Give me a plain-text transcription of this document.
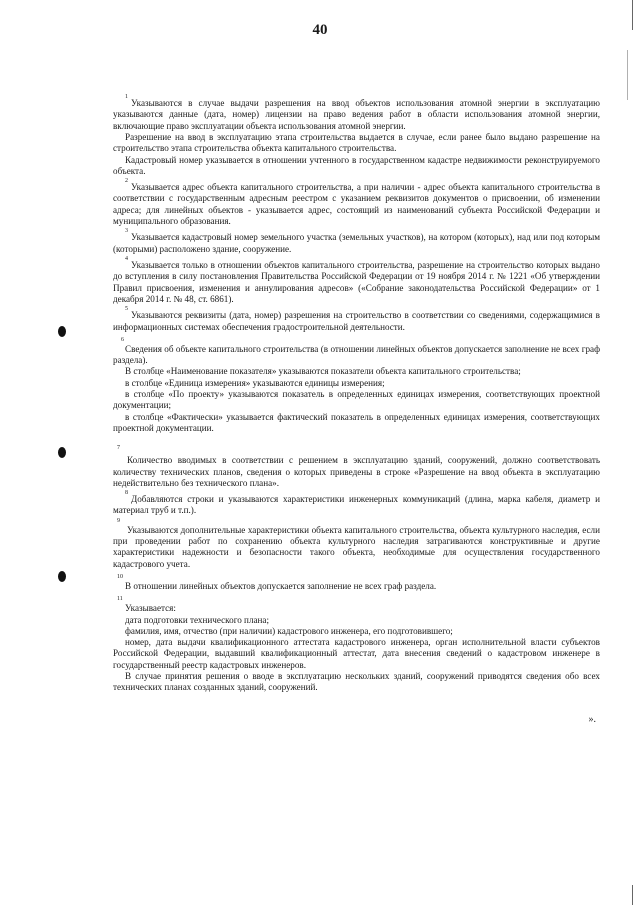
40

$^1$Указываются в случае выдачи разрешения на ввод объектов использования атомной энергии в эксплуатацию указываются данные (дата, номер) лицензии на право ведения работ в области использования атомной энергии, включающие право эксплуатации объекта использования атомной энергии.

Разрешение на ввод в эксплуатацию этапа строительства выдается в случае, если ранее было выдано разрешение на строительство этапа строительства объекта капитального строительства.

Кадастровый номер указывается в отношении учтенного в государственном кадастре недвижимости реконструируемого объекта.

$^2$Указывается адрес объекта капитального строительства, а при наличии - адрес объекта капитального строительства в соответствии с государственным адресным реестром с указанием реквизитов документов о присвоении, об изменении адреса; для линейных объектов - указывается адрес, состоящий из наименований субъекта Российской Федерации и муниципального образования.

$^3$Указывается кадастровый номер земельного участка (земельных участков), на котором (которых), над или под которым (которыми) расположено здание, сооружение.

$^4$Указывается только в отношении объектов капитального строительства, разрешение на строительство которых выдано до вступления в силу постановления Правительства Российской Федерации от 19 ноября 2014 г. № 1221 «Об утверждении Правил присвоения, изменения и аннулирования адресов» («Собрание законодательства Российской Федерации» от 1 декабря 2014 г. № 48, ст. 6861).

$^5$Указываются реквизиты (дата, номер) разрешения на строительство в соответствии со сведениями, содержащимися в информационных системах обеспечения градостроительной деятельности.

6

Сведения об объекте капитального строительства (в отношении линейных объектов допускается заполнение не всех граф раздела).

В столбце «Наименование показателя» указываются показатели объекта капитального строительства;

в столбце «Единица измерения» указываются единицы измерения;

в столбце «По проекту» указываются показатель в определенных единицах измерения, соответствующих проектной документации;

в столбце «Фактически» указывается фактический показатель в определенных единицах измерения, соответствующих проектной документации.

7

Количество вводимых в соответствии с решением в эксплуатацию зданий, сооружений, должно соответствовать количеству технических планов, сведения о которых приведены в строке «Разрешение на ввод объекта в эксплуатацию недействительно без технического плана».

$^8$Добавляются строки и указываются характеристики инженерных коммуникаций (длина, марка кабеля, диаметр и материал труб и т.п.).

9

Указываются дополнительные характеристики объекта капитального строительства, объекта культурного наследия, если при проведении работ по сохранению объекта культурного наследия затрагиваются конструктивные и другие характеристики надежности и безопасности такого объекта, необходимые для осуществления государственного кадастрового учета.

10

В отношении линейных объектов допускается заполнение не всех граф раздела.

11

Указывается:

дата подготовки технического плана;

фамилия, имя, отчество (при наличии) кадастрового инженера, его подготовившего;

номер, дата выдачи квалификационного аттестата кадастрового инженера, орган исполнительной власти субъектов Российской Федерации, выдавший квалификационный аттестат, дата внесения сведений о кадастровом инженере в государственный реестр кадастровых инженеров.

В случае принятия решения о вводе в эксплуатацию нескольких зданий, сооружений приводятся сведения обо всех технических планах созданных зданий, сооружений.

».
